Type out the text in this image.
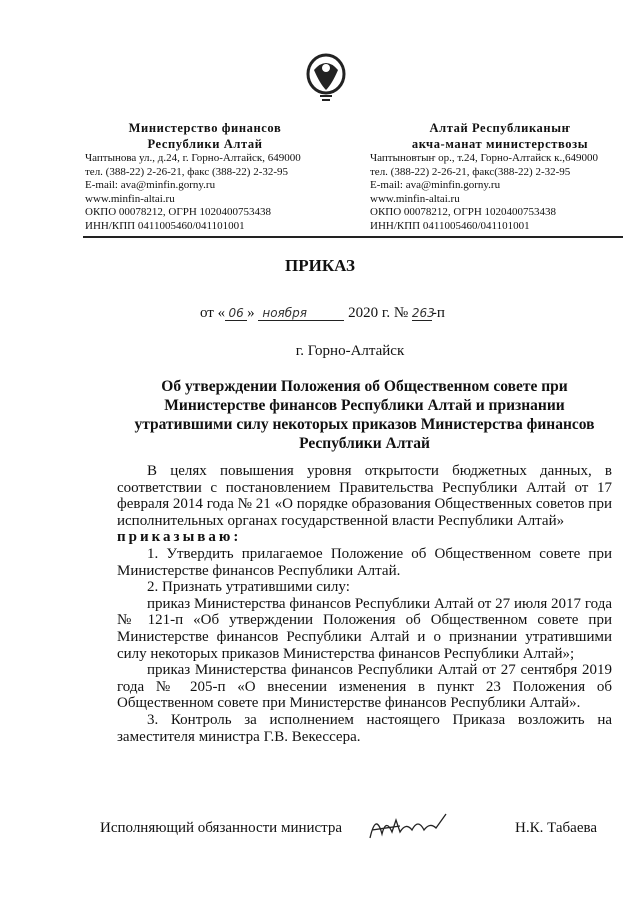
Министерство финансов
Республики Алтай
Чаптынова ул., д.24, г. Горно-Алтайск, 649000
тел. (388-22) 2-26-21, факс (388-22) 2-32-95
E-mail: ava@minfin.gorny.ru
www.minfin-altai.ru
ОКПО 00078212, ОГРН 1020400753438
ИНН/КПП 0411005460/041101001
Алтай Республиканыҥ
акча-манат министерствозы
Чаптыновтыҥ ор., т.24, Горно-Алтайск к.,649000
тел. (388-22) 2-26-21, факс(388-22) 2-32-95
E-mail: ava@minfin.gorny.ru
www.minfin-altai.ru
ОКПО 00078212, ОГРН 1020400753438
ИНН/КПП 0411005460/041101001
ПРИКАЗ
от « 06 » ноября	2020 г. № 263-п
г. Горно-Алтайск
Об утверждении Положения об Общественном совете при Министерстве финансов Республики Алтай и признании утратившими силу некоторых приказов Министерства финансов Республики Алтай

В целях повышения уровня открытости бюджетных данных, в соответствии с постановлением Правительства Республики Алтай от 17 февраля 2014 года № 21 «О порядке образования Общественных советов при исполнительных органах государственной власти Республики Алтай»

приказываю:

1. Утвердить прилагаемое Положение об Общественном совете при Министерстве финансов Республики Алтай.

2. Признать утратившими силу:

приказ Министерства финансов Республики Алтай от 27 июля 2017 года № 121-п «Об утверждении Положения об Общественном совете при Министерстве финансов Республики Алтай и о признании утратившими силу некоторых приказов Министерства финансов Республики Алтай»;

приказ Министерства финансов Республики Алтай от 27 сентября 2019 года № 205-п «О внесении изменения в пункт 23 Положения об Общественном совете при Министерстве финансов Республики Алтай».

3. Контроль за исполнением настоящего Приказа возложить на заместителя министра Г.В. Векессера.

Исполняющий обязанности министра	Н.К. Табаева
